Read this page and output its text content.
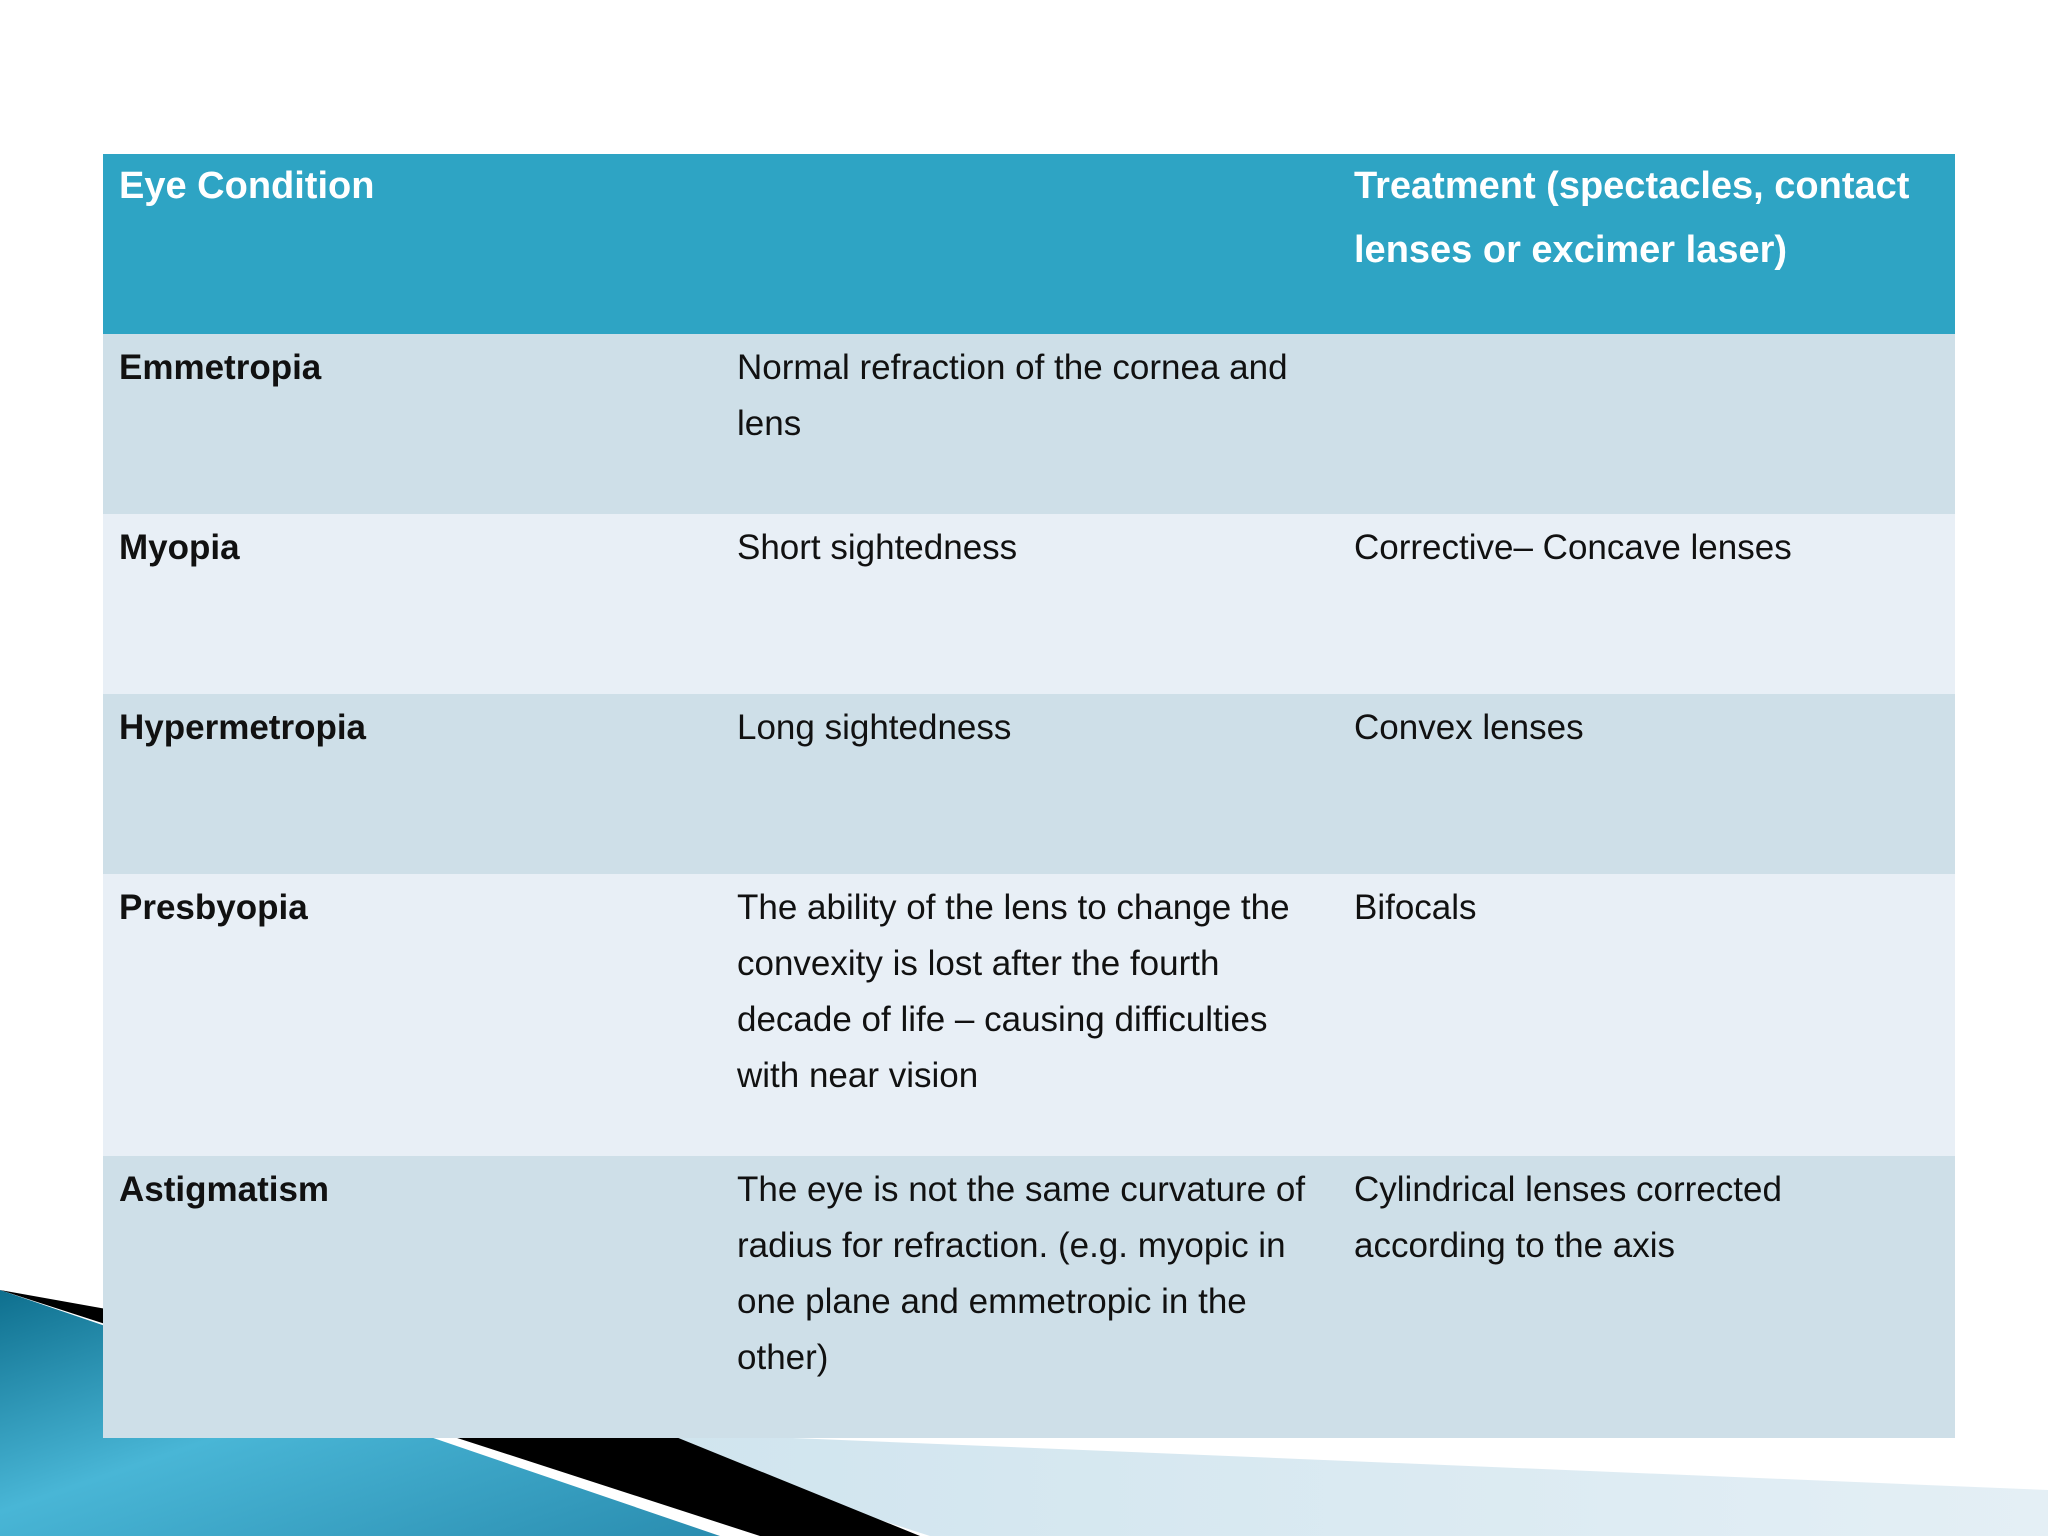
Eye Condition		Treatment (spectacles, contact lenses or excimer laser)
Emmetropia	Normal refraction of the cornea and lens	
Myopia	Short sightedness	Corrective– Concave lenses
Hypermetropia	Long sightedness	Convex lenses
Presbyopia	The ability of the lens to change the convexity is lost after the fourth decade of life – causing difficulties with near vision	Bifocals
Astigmatism	The eye is not the same curvature of radius for refraction. (e.g. myopic in one plane and emmetropic in the other)	Cylindrical lenses corrected according to the axis
